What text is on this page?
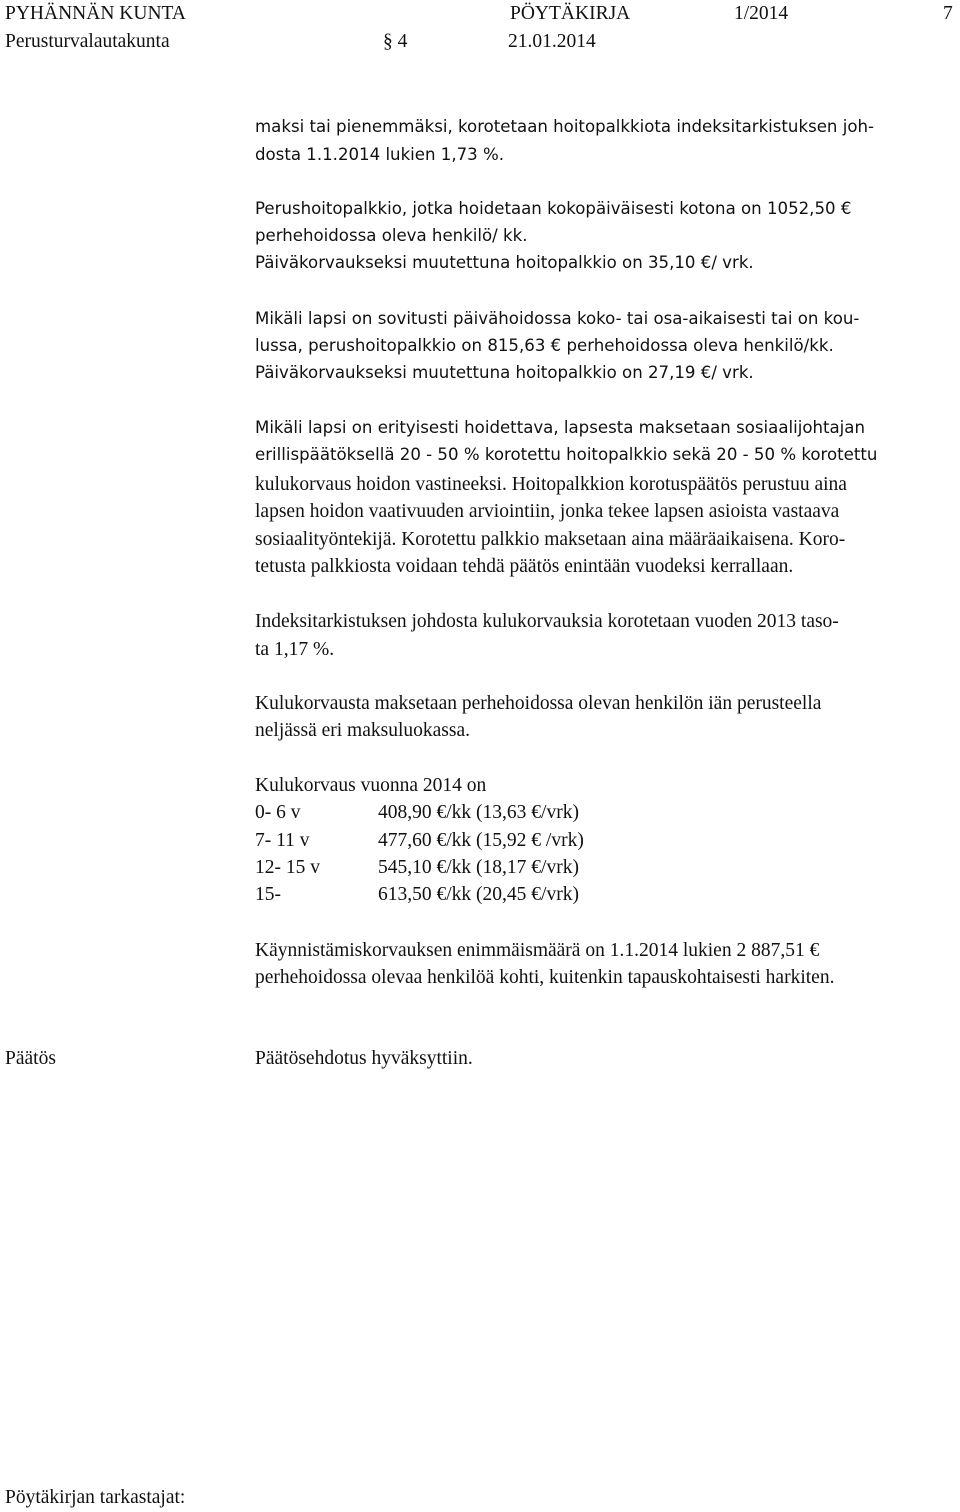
PYHÄNNÄN KUNTA	PÖYTÄKIRJA	1/2014	7
Perusturvalautakunta	§ 4	21.01.2014
maksi tai pienemmäksi, korotetaan hoitopalkkiota indeksitarkistuksen joh-
dosta 1.1.2014 lukien 1,73 %.
Perushoitopalkkio, jotka hoidetaan kokopäiväisesti kotona on 1052,50 €
perhehoidossa oleva henkilö/ kk.
Päiväkorvaukseksi muutettuna hoitopalkkio on 35,10 €/ vrk.
Mikäli lapsi on sovitusti päivähoidossa koko- tai osa-aikaisesti tai on kou-
lussa, perushoitopalkkio on 815,63 € perhehoidossa oleva henkilö/kk.
Päiväkorvaukseksi muutettuna hoitopalkkio on 27,19 €/ vrk.
Mikäli lapsi on erityisesti hoidettava, lapsesta maksetaan sosiaalijohtajan
erillispäätöksellä 20 - 50 % korotettu hoitopalkkio sekä 20 - 50 % korotettu
kulukorvaus hoidon vastineeksi. Hoitopalkkion korotuspäätös perustuu aina
lapsen hoidon vaativuuden arviointiin, jonka tekee lapsen asioista vastaava
sosiaalityöntekijä. Korotettu palkkio maksetaan aina määräaikaisena. Koro-
tetusta palkkiosta voidaan tehdä päätös enintään vuodeksi kerrallaan.
Indeksitarkistuksen johdosta kulukorvauksia korotetaan vuoden 2013 taso-
ta 1,17 %.
Kulukorvausta maksetaan perhehoidossa olevan henkilön iän perusteella
neljässä eri maksuluokassa.
Kulukorvaus vuonna 2014 on
0- 6 v	408,90 €/kk (13,63 €/vrk)
7- 11 v	477,60 €/kk (15,92 € /vrk)
12- 15 v	545,10 €/kk (18,17 €/vrk)
15-	613,50 €/kk (20,45 €/vrk)
Käynnistämiskorvauksen enimmäismäärä on 1.1.2014 lukien 2 887,51 €
perhehoidossa olevaa henkilöä kohti, kuitenkin tapauskohtaisesti harkiten.
Päätös	Päätösehdotus hyväksyttiin.
Pöytäkirjan tarkastajat:
